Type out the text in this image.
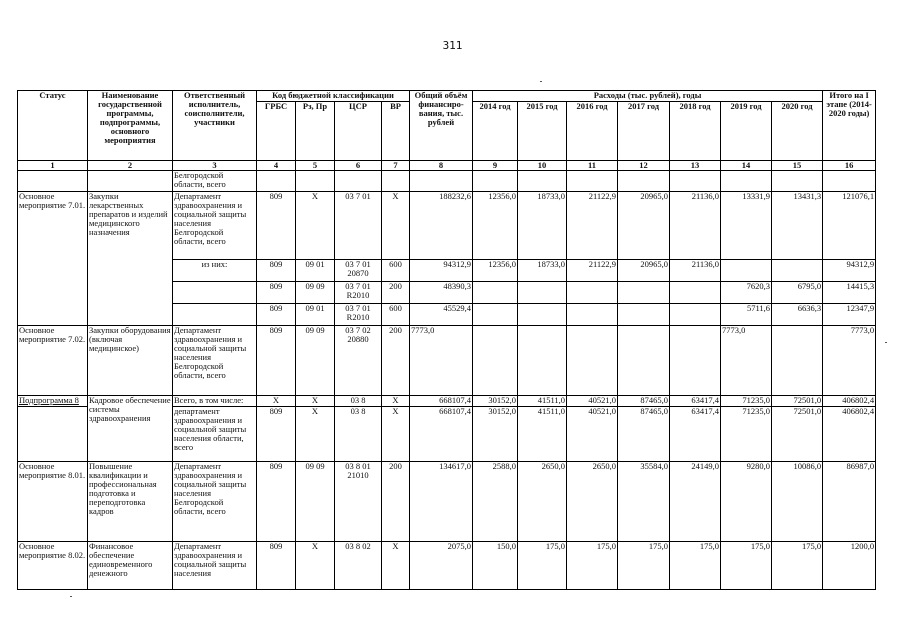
311
Статус	Наименование государственной программы, подпрограммы, основного мероприятия	Ответственный исполнитель, соисполнители, участники	Код бюджетной классификации				Общий объём финансиро-вания, тыс. рублей	Расходы (тыс. рублей), годы							Итого на I этапе (2014-2020 годы)
			ГРБС	Рз, Пр	ЦСР	ВР		2014 год	2015 год	2016 год	2017 год	2018 год	2019 год	2020 год	
1	2	3	4	5	6	7	8	9	10	11	12	13	14	15	16
		Белгородской области, всего													
Основное мероприятие 7.01.	Закупки лекарственных препаратов и изделий медицинского назначения	Департамент здравоохранения и социальной защиты населения Белгородской области, всего	809	Х	03 7 01	Х	188232,6	12356,0	18733,0	21122,9	20965,0	21136,0	13331,9	13431,3	121076,1
		из них:	809	09 01	03 7 01 20870	600	94312,9	12356,0	18733,0	21122,9	20965,0	21136,0			94312,9
			809	09 09	03 7 01 R2010	200	48390,3						7620,3	6795,0	14415,3
			809	09 01	03 7 01 R2010	600	45529,4						5711,6	6636,3	12347,9
Основное мероприятие 7.02.	Закупки оборудования (включая медицинское)	Департамент здравоохранения и социальной защиты населения Белгородской области, всего	809	09 09	03 7 02 20880	200	7773,0						7773,0		7773,0
Подпрограмма 8	Кадровое обеспечение системы здравоохранения	Всего, в том числе:	Х	Х	03 8	Х	668107,4	30152,0	41511,0	40521,0	87465,0	63417,4	71235,0	72501,0	406802,4
		департамент здравоохранения и социальной защиты населения области, всего	809	Х	03 8	Х	668107,4	30152,0	41511,0	40521,0	87465,0	63417,4	71235,0	72501,0	406802,4
Основное мероприятие 8.01.	Повышение квалификации и профессиональная подготовка и переподготовка кадров	Департамент здравоохранения и социальной защиты населения Белгородской области, всего	809	09 09	03 8 01 21010	200	134617,0	2588,0	2650,0	2650,0	35584,0	24149,0	9280,0	10086,0	86987,0
Основное мероприятие 8.02.	Финансовое обеспечение единовременного денежного	Департамент здравоохранения и социальной защиты населения	809	Х	03 8 02	Х	2075,0	150,0	175,0	175,0	175,0	175,0	175,0	175,0	1200,0
